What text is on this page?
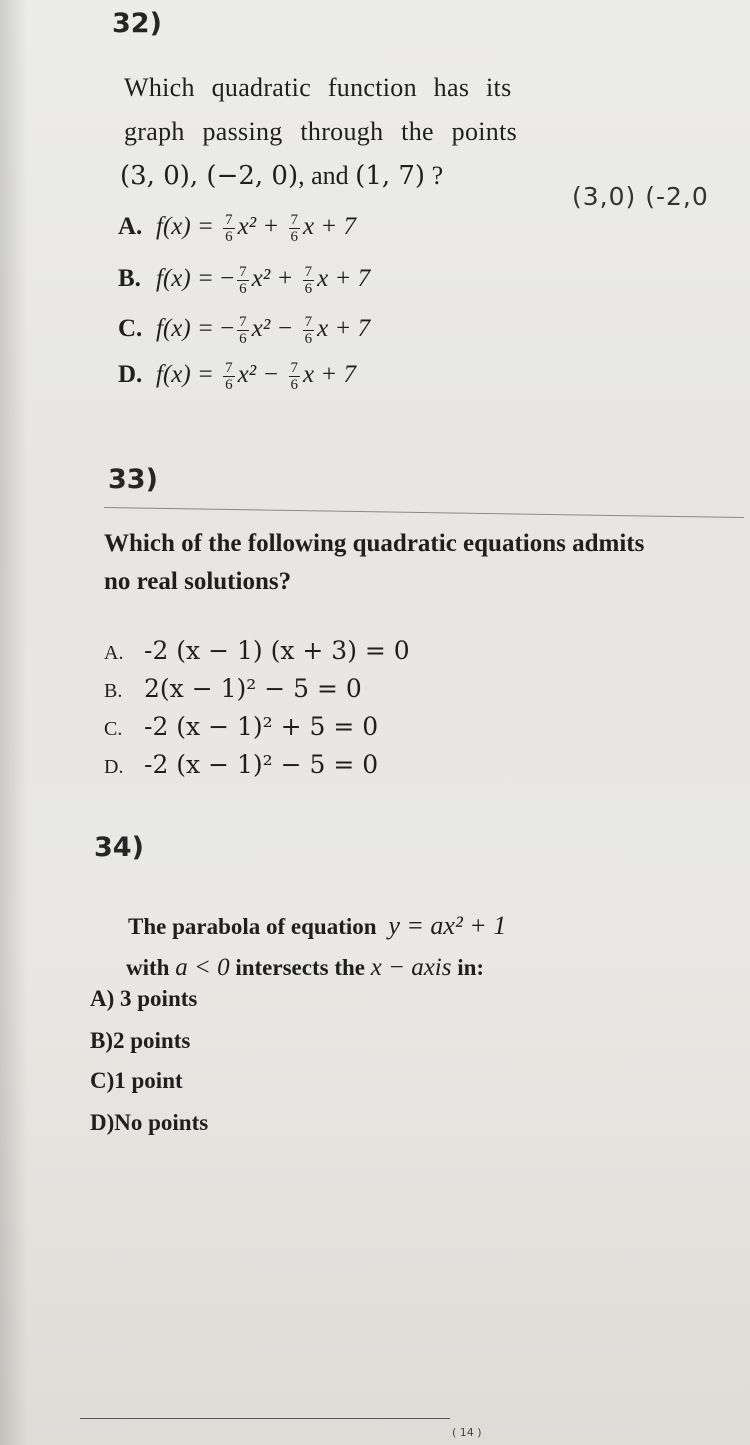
32)
Which quadratic function has its
graph passing through the points
(3, 0), (−2, 0), and (1, 7) ?
(3,0) (-2,0
A. $f(x) = \frac{7}{6} x^2 + \frac{7}{6}$ x + 7
B. f(x) = − $\frac{7}{6} x^2 + \frac{7}{6}$ x + 7
C. f(x) = − $\frac{7}{6} x^2 - \frac{7}{6}$ x + 7
D. $f(x) = \frac{7}{6} x^2 - \frac{7}{6}$ x + 7
33)
Which of the following quadratic equations admits
no real solutions?
A. -2 (x − 1) (x + 3) = 0
B. 2(x − 1)² − 5 = 0
C. -2 (x − 1)² + 5 = 0
D. -2 (x − 1)² − 5 = 0
34)
The parabola of equation y = ax² + 1
with a < 0 intersects the x − axis in:
A) 3 points
B)2 points
C)1 point
D)No points
( 14 )
